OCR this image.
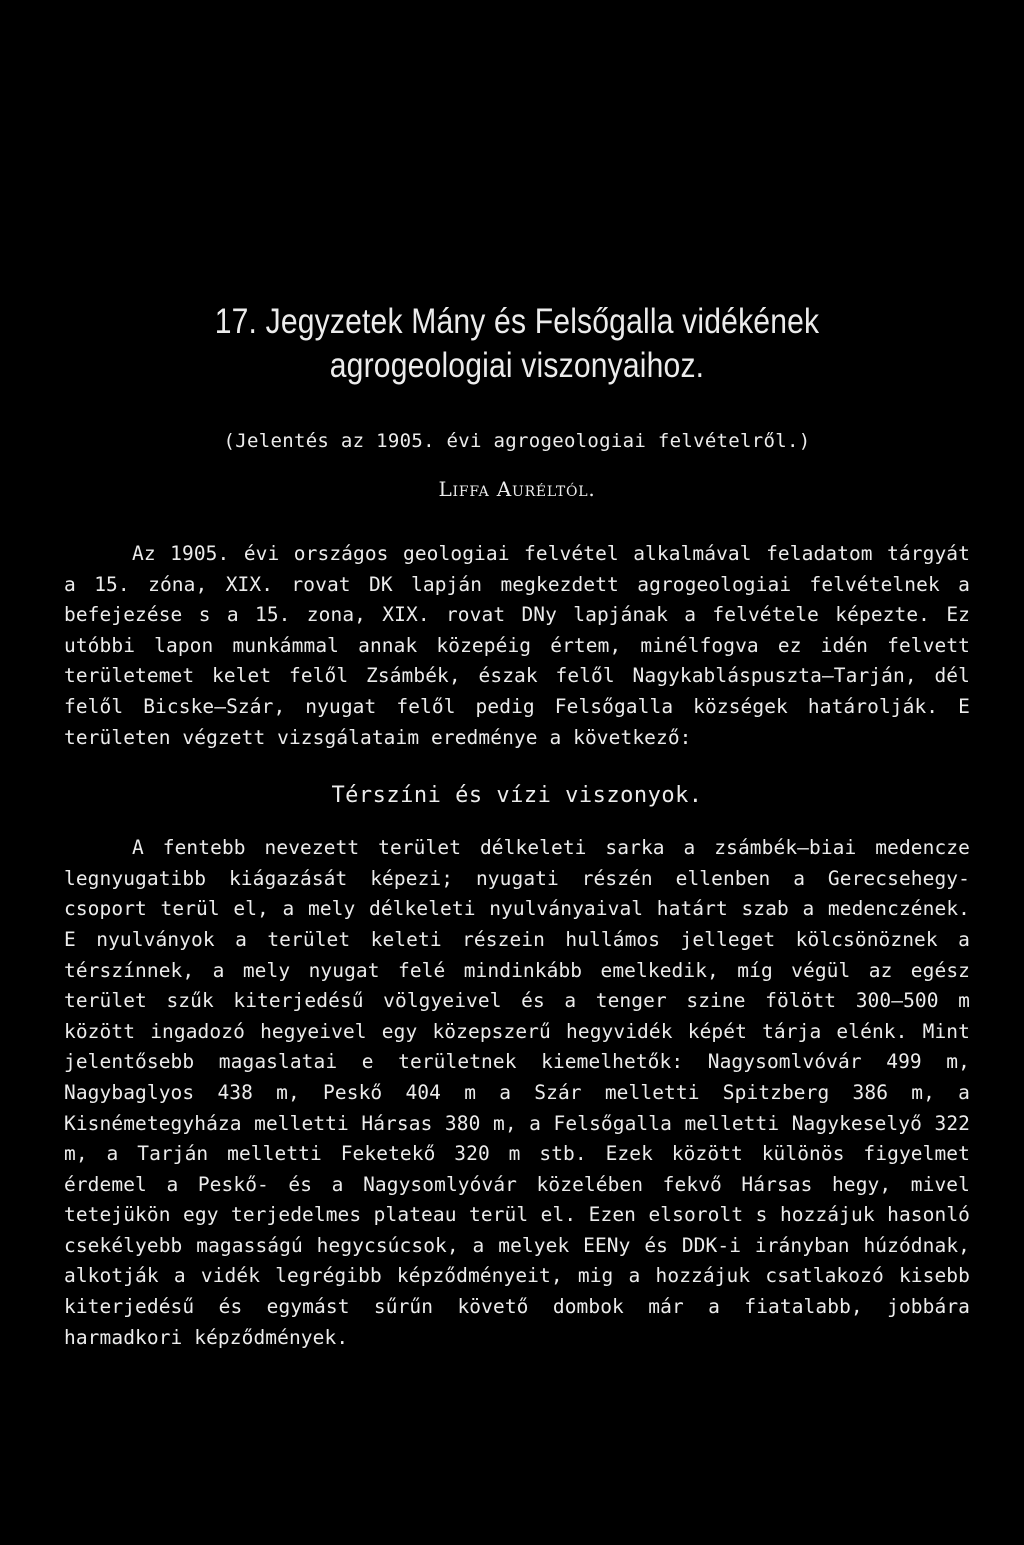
17. Jegyzetek Mány és Felsőgalla vidékének agrogeologiai viszonyaihoz.
(Jelentés az 1905. évi agrogeologiai felvételről.)
Liffa Auréltól.

Az 1905. évi országos geologiai felvétel alkalmával feladatom tárgyát a 15. zóna, XIX. rovat DK lapján megkezdett agrogeologiai felvételnek a befejezése s a 15. zona, XIX. rovat DNy lapjának a felvétele képezte. Ez utóbbi lapon munkámmal annak közepéig értem, minélfogva ez idén felvett területemet kelet felől Zsámbék, észak felől Nagykabláspuszta—Tarján, dél felől Bicske—Szár, nyugat felől pedig Felsőgalla községek határolják. E területen végzett vizsgálataim eredménye a következő:

Térszíni és vízi viszonyok.

A fentebb nevezett terület délkeleti sarka a zsámbék—biai medencze legnyugatibb kiágazását képezi; nyugati részén ellenben a Gerecsehegy-csoport terül el, a mely délkeleti nyulványaival határt szab a medenczének. E nyulványok a terület keleti részein hullámos jelleget kölcsönöznek a térszínnek, a mely nyugat felé mindinkább emelkedik, míg végül az egész terület szűk kiterjedésű völgyeivel és a tenger szine fölött 300—500 m között ingadozó hegyeivel egy közepszerű hegyvidék képét tárja elénk. Mint jelentősebb magaslatai e területnek kiemelhetők: Nagysomlvóvár 499 m, Nagybaglyos 438 m, Peskő 404 m a Szár melletti Spitzberg 386 m, a Kisnémetegyháza melletti Hársas 380 m, a Felsőgalla melletti Nagykeselyő 322 m, a Tarján melletti Feketekő 320 m stb. Ezek között különös figyelmet érdemel a Peskő- és a Nagysomlyóvár közelében fekvő Hársas hegy, mivel tetejükön egy terjedelmes plateau terül el. Ezen elsorolt s hozzájuk hasonló csekélyebb magasságú hegycsúcsok, a melyek EENy és DDK-i irányban húzódnak, alkotják a vidék legrégibb képződményeit, mig a hozzájuk csatlakozó kisebb kiterjedésű és egymást sűrűn követő dombok már a fiatalabb, jobbára harmadkori képződmények.
